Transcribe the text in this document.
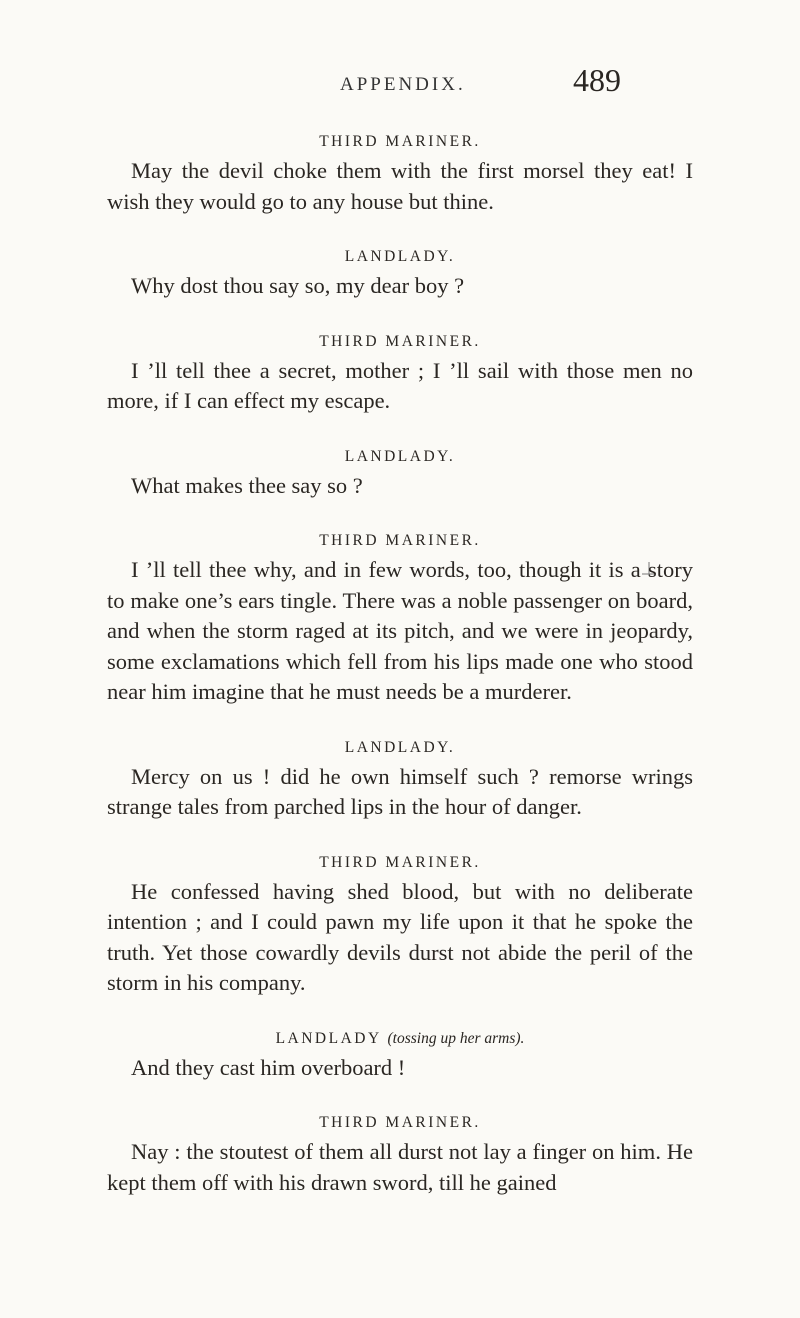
APPENDIX.	489

THIRD MARINER.

May the devil choke them with the first morsel they eat! I wish they would go to any house but thine.

LANDLADY.

Why dost thou say so, my dear boy ?

THIRD MARINER.

I ’ll tell thee a secret, mother ; I ’ll sail with those men no more, if I can effect my escape.

LANDLADY.

What makes thee say so ?

THIRD MARINER.

I ’ll tell thee why, and in few words, too, though it is a story to make one’s ears tingle. There was a noble passenger on board, and when the storm raged at its pitch, and we were in jeopardy, some exclamations which fell from his lips made one who stood near him imagine that he must needs be a murderer.

LANDLADY.

Mercy on us ! did he own himself such ? remorse wrings strange tales from parched lips in the hour of danger.

THIRD MARINER.

He confessed having shed blood, but with no deliberate intention ; and I could pawn my life upon it that he spoke the truth. Yet those cowardly devils durst not abide the peril of the storm in his company.

LANDLADY (tossing up her arms).

And they cast him overboard !

THIRD MARINER.

Nay : the stoutest of them all durst not lay a finger on him. He kept them off with his drawn sword, till he gained
